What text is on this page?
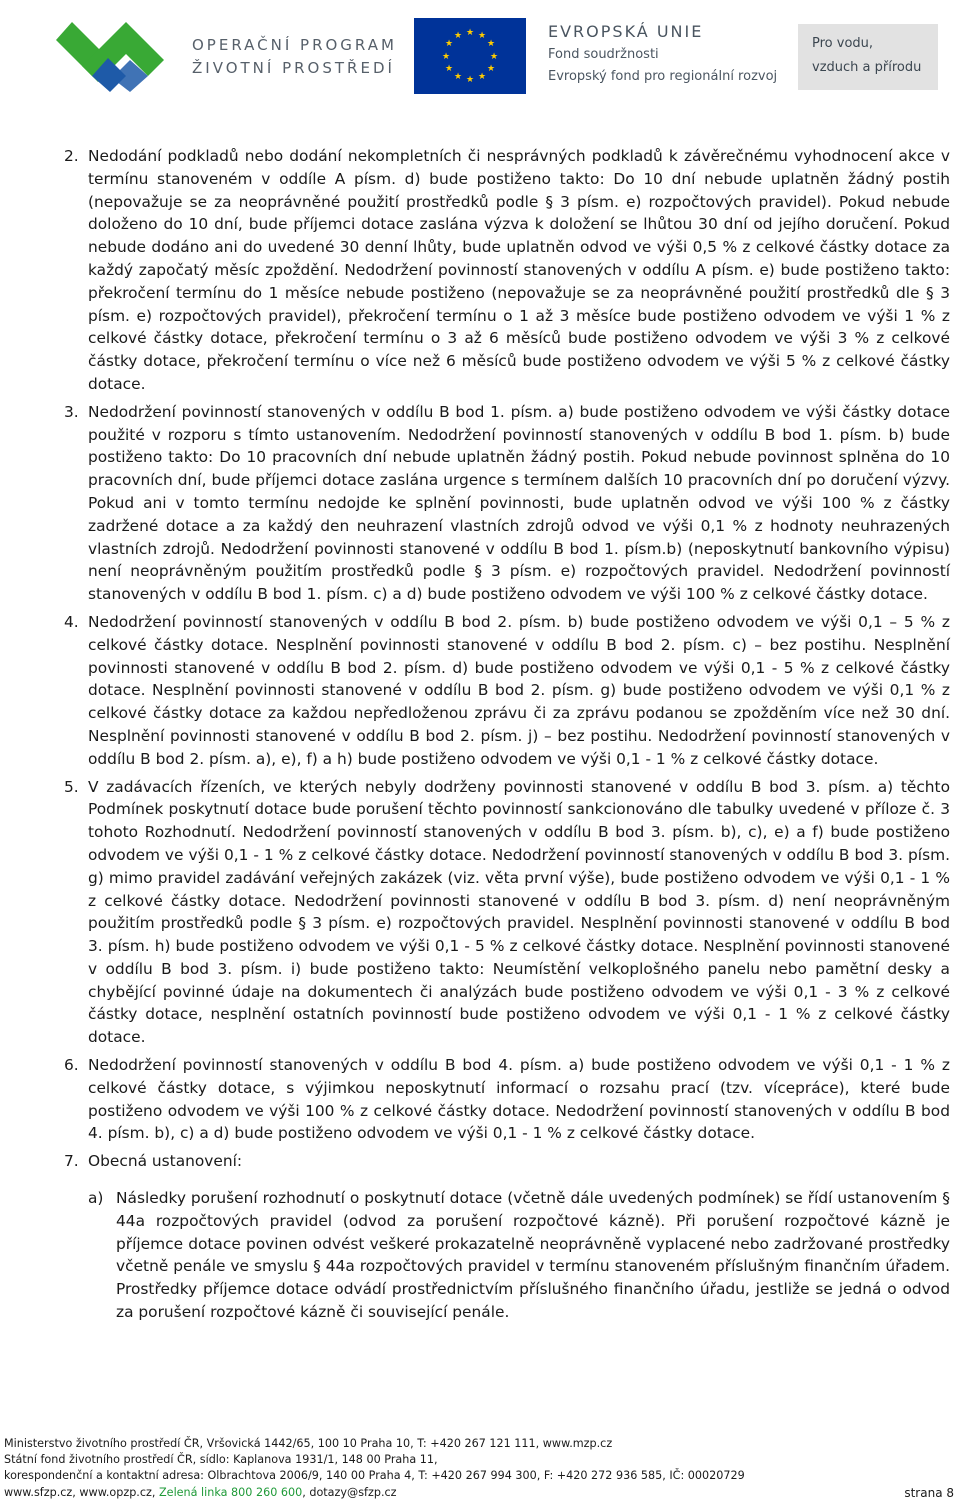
OPERAČNÍ PROGRAM
ŽIVOTNÍ PROSTŘEDÍ
★ ★
★
★
★
★
★
★
★
★
★
★	EVROPSKÁ UNIE
Fond soudržnosti
Evropský fond pro regionální rozvoj
Pro vodu,
vzduch a přírodu
2. Nedodání podkladů nebo dodání nekompletních či nesprávných podkladů k závěrečnému vyhodnocení akce v termínu stanoveném v oddíle A písm. d) bude postiženo takto: Do 10 dní nebude uplatněn žádný postih (nepovažuje se za neoprávněné použití prostředků podle § 3 písm. e) rozpočtových pravidel). Pokud nebude doloženo do 10 dní, bude příjemci dotace zaslána výzva k doložení se lhůtou 30 dní od jejího doručení. Pokud nebude dodáno ani do uvedené 30 denní lhůty, bude uplatněn odvod ve výši 0,5 % z celkové částky dotace za každý započatý měsíc zpoždění. Nedodržení povinností stanovených v oddílu A písm. e) bude postiženo takto: překročení termínu do 1 měsíce nebude postiženo (nepovažuje se za neoprávněné použití prostředků dle § 3 písm. e) rozpočtových pravidel), překročení termínu o 1 až 3 měsíce bude postiženo odvodem ve výši 1 % z celkové částky dotace, překročení termínu o 3 až 6 měsíců bude postiženo odvodem ve výši 3 % z celkové částky dotace, překročení termínu o více než 6 měsíců bude postiženo odvodem ve výši 5 % z celkové částky dotace.
3. Nedodržení povinností stanovených v oddílu B bod 1. písm. a) bude postiženo odvodem ve výši částky dotace použité v rozporu s tímto ustanovením. Nedodržení povinností stanovených v oddílu B bod 1. písm. b) bude postiženo takto: Do 10 pracovních dní nebude uplatněn žádný postih. Pokud nebude povinnost splněna do 10 pracovních dní, bude příjemci dotace zaslána urgence s termínem dalších 10 pracovních dní po doručení výzvy. Pokud ani v tomto termínu nedojde ke splnění povinnosti, bude uplatněn odvod ve výši 100 % z částky zadržené dotace a za každý den neuhrazení vlastních zdrojů odvod ve výši 0,1 % z hodnoty neuhrazených vlastních zdrojů. Nedodržení povinnosti stanovené v oddílu B bod 1. písm.b) (neposkytnutí bankovního výpisu) není neoprávněným použitím prostředků podle § 3 písm. e) rozpočtových pravidel. Nedodržení povinností stanovených v oddílu B bod 1. písm. c) a d) bude postiženo odvodem ve výši 100 % z celkové částky dotace.
4. Nedodržení povinností stanovených v oddílu B bod 2. písm. b) bude postiženo odvodem ve výši 0,1 – 5 % z celkové částky dotace. Nesplnění povinnosti stanovené v oddílu B bod 2. písm. c) – bez postihu. Nesplnění povinnosti stanovené v oddílu B bod 2. písm. d) bude postiženo odvodem ve výši 0,1 - 5 % z celkové částky dotace. Nesplnění povinnosti stanovené v oddílu B bod 2. písm. g) bude postiženo odvodem ve výši 0,1 % z celkové částky dotace za každou nepředloženou zprávu či za zprávu podanou se zpožděním více než 30 dní. Nesplnění povinnosti stanovené v oddílu B bod 2. písm. j) – bez postihu. Nedodržení povinností stanovených v oddílu B bod 2. písm. a), e), f) a h) bude postiženo odvodem ve výši 0,1 - 1 % z celkové částky dotace.
5. V zadávacích řízeních, ve kterých nebyly dodrženy povinnosti stanovené v oddílu B bod 3. písm. a) těchto Podmínek poskytnutí dotace bude porušení těchto povinností sankcionováno dle tabulky uvedené v příloze č. 3 tohoto Rozhodnutí. Nedodržení povinností stanovených v oddílu B bod 3. písm. b), c), e) a f) bude postiženo odvodem ve výši 0,1 - 1 % z celkové částky dotace. Nedodržení povinností stanovených v oddílu B bod 3. písm. g) mimo pravidel zadávání veřejných zakázek (viz. věta první výše), bude postiženo odvodem ve výši 0,1 - 1 % z celkové částky dotace. Nedodržení povinnosti stanovené v oddílu B bod 3. písm. d) není neoprávněným použitím prostředků podle § 3 písm. e) rozpočtových pravidel. Nesplnění povinnosti stanovené v oddílu B bod 3. písm. h) bude postiženo odvodem ve výši 0,1 - 5 % z celkové částky dotace. Nesplnění povinnosti stanovené v oddílu B bod 3. písm. i) bude postiženo takto: Neumístění velkoplošného panelu nebo pamětní desky a chybějící povinné údaje na dokumentech či analýzách bude postiženo odvodem ve výši 0,1 - 3 % z celkové částky dotace, nesplnění ostatních povinností bude postiženo odvodem ve výši 0,1 - 1 % z celkové částky dotace.
6. Nedodržení povinností stanovených v oddílu B bod 4. písm. a) bude postiženo odvodem ve výši 0,1 - 1 % z celkové částky dotace, s výjimkou neposkytnutí informací o rozsahu prací (tzv. vícepráce), které bude postiženo odvodem ve výši 100 % z celkové částky dotace. Nedodržení povinností stanovených v oddílu B bod 4. písm. b), c) a d) bude postiženo odvodem ve výši 0,1 - 1 % z celkové částky dotace.
7. Obecná ustanovení:
a) Následky porušení rozhodnutí o poskytnutí dotace (včetně dále uvedených podmínek) se řídí ustanovením § 44a rozpočtových pravidel (odvod za porušení rozpočtové kázně). Při porušení rozpočtové kázně je příjemce dotace povinen odvést veškeré prokazatelně neoprávněně vyplacené nebo zadržované prostředky včetně penále ve smyslu § 44a rozpočtových pravidel v termínu stanoveném příslušným finančním úřadem. Prostředky příjemce dotace odvádí prostřednictvím příslušného finančního úřadu, jestliže se jedná o odvod za porušení rozpočtové kázně či související penále.
Ministerstvo životního prostředí ČR, Vršovická 1442/65, 100 10 Praha 10, T: +420 267 121 111, www.mzp.cz
Státní fond životního prostředí ČR, sídlo: Kaplanova 1931/1, 148 00 Praha 11,
korespondenční a kontaktní adresa: Olbrachtova 2006/9, 140 00 Praha 4, T: +420 267 994 300, F: +420 272 936 585, IČ: 00020729
www.sfzp.cz, www.opzp.cz, Zelená linka 800 260 600, dotazy@sfzp.cz	strana 8
